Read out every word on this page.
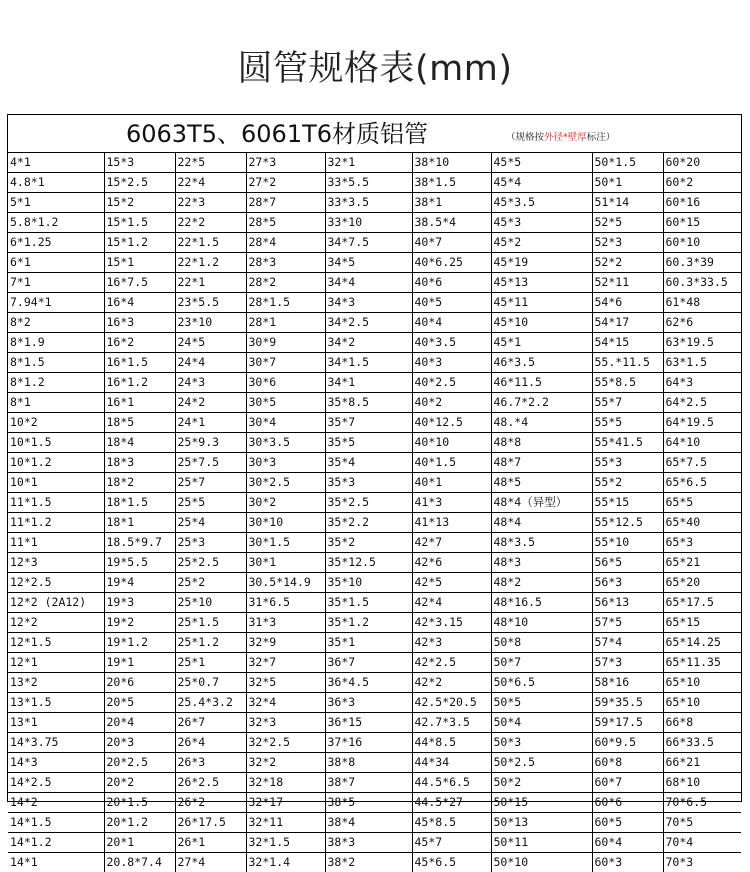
圆管规格表(mm)
6063T5、6061T6材质铝管	（规格按外径*壁厚标注）
4*1	15*3	22*5	27*3	32*1	38*10	45*5	50*1.5	60*20
4.8*1	15*2.5	22*4	27*2	33*5.5	38*1.5	45*4	50*1	60*2
5*1	15*2	22*3	28*7	33*3.5	38*1	45*3.5	51*14	60*16
5.8*1.2	15*1.5	22*2	28*5	33*10	38.5*4	45*3	52*5	60*15
6*1.25	15*1.2	22*1.5	28*4	34*7.5	40*7	45*2	52*3	60*10
6*1	15*1	22*1.2	28*3	34*5	40*6.25	45*19	52*2	60.3*39
7*1	16*7.5	22*1	28*2	34*4	40*6	45*13	52*11	60.3*33.5
7.94*1	16*4	23*5.5	28*1.5	34*3	40*5	45*11	54*6	61*48
8*2	16*3	23*10	28*1	34*2.5	40*4	45*10	54*17	62*6
8*1.9	16*2	24*5	30*9	34*2	40*3.5	45*1	54*15	63*19.5
8*1.5	16*1.5	24*4	30*7	34*1.5	40*3	46*3.5	55.*11.5	63*1.5
8*1.2	16*1.2	24*3	30*6	34*1	40*2.5	46*11.5	55*8.5	64*3
8*1	16*1	24*2	30*5	35*8.5	40*2	46.7*2.2	55*7	64*2.5
10*2	18*5	24*1	30*4	35*7	40*12.5	48.*4	55*5	64*19.5
10*1.5	18*4	25*9.3	30*3.5	35*5	40*10	48*8	55*41.5	64*10
10*1.2	18*3	25*7.5	30*3	35*4	40*1.5	48*7	55*3	65*7.5
10*1	18*2	25*7	30*2.5	35*3	40*1	48*5	55*2	65*6.5
11*1.5	18*1.5	25*5	30*2	35*2.5	41*3	48*4（异型）	55*15	65*5
11*1.2	18*1	25*4	30*10	35*2.2	41*13	48*4	55*12.5	65*40
11*1	18.5*9.7	25*3	30*1.5	35*2	42*7	48*3.5	55*10	65*3
12*3	19*5.5	25*2.5	30*1	35*12.5	42*6	48*3	56*5	65*21
12*2.5	19*4	25*2	30.5*14.9	35*10	42*5	48*2	56*3	65*20
12*2 (2A12)	19*3	25*10	31*6.5	35*1.5	42*4	48*16.5	56*13	65*17.5
12*2	19*2	25*1.5	31*3	35*1.2	42*3.15	48*10	57*5	65*15
12*1.5	19*1.2	25*1.2	32*9	35*1	42*3	50*8	57*4	65*14.25
12*1	19*1	25*1	32*7	36*7	42*2.5	50*7	57*3	65*11.35
13*2	20*6	25*0.7	32*5	36*4.5	42*2	50*6.5	58*16	65*10
13*1.5	20*5	25.4*3.2	32*4	36*3	42.5*20.5	50*5	59*35.5	65*10
13*1	20*4	26*7	32*3	36*15	42.7*3.5	50*4	59*17.5	66*8
14*3.75	20*3	26*4	32*2.5	37*16	44*8.5	50*3	60*9.5	66*33.5
14*3	20*2.5	26*3	32*2	38*8	44*34	50*2.5	60*8	66*21
14*2.5	20*2	26*2.5	32*18	38*7	44.5*6.5	50*2	60*7	68*10
14*2	20*1.5	26*2	32*17	38*5	44.5*27	50*15	60*6	70*6.5
14*1.5	20*1.2	26*17.5	32*11	38*4	45*8.5	50*13	60*5	70*5
14*1.2	20*1	26*1	32*1.5	38*3	45*7	50*11	60*4	70*4
14*1	20.8*7.4	27*4	32*1.4	38*2	45*6.5	50*10	60*3	70*3
